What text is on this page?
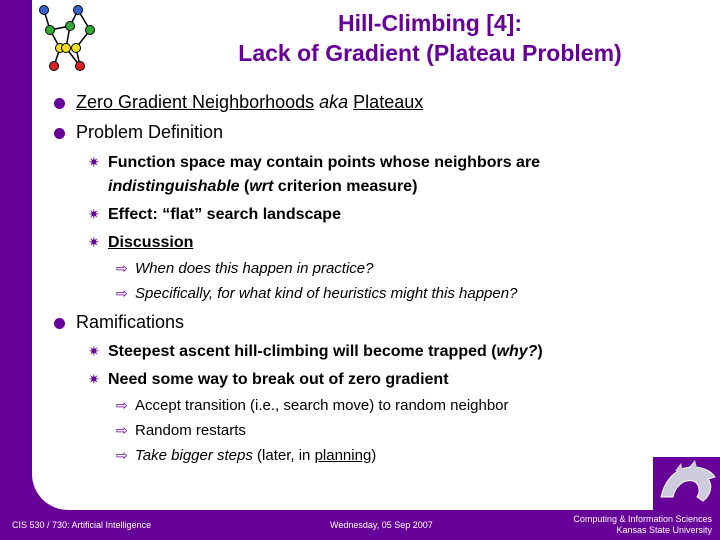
Hill-Climbing [4]:
Lack of Gradient (Plateau Problem)
Zero Gradient Neighborhoods aka Plateaux
Problem Definition
✷ Function space may contain points whose neighbors are
indistinguishable (wrt criterion measure)
✷ Effect: “flat” search landscape
✷ Discussion
⇨ When does this happen in practice?
⇨ Specifically, for what kind of heuristics might this happen?
Ramifications
✷ Steepest ascent hill-climbing will become trapped (why?)
✷ Need some way to break out of zero gradient
⇨ Accept transition (i.e., search move) to random neighbor
⇨ Random restarts
⇨ Take bigger steps (later, in planning)
CIS 530 / 730: Artificial Intelligence	Wednesday, 05 Sep 2007
Computing & Information Sciences
Kansas State University
